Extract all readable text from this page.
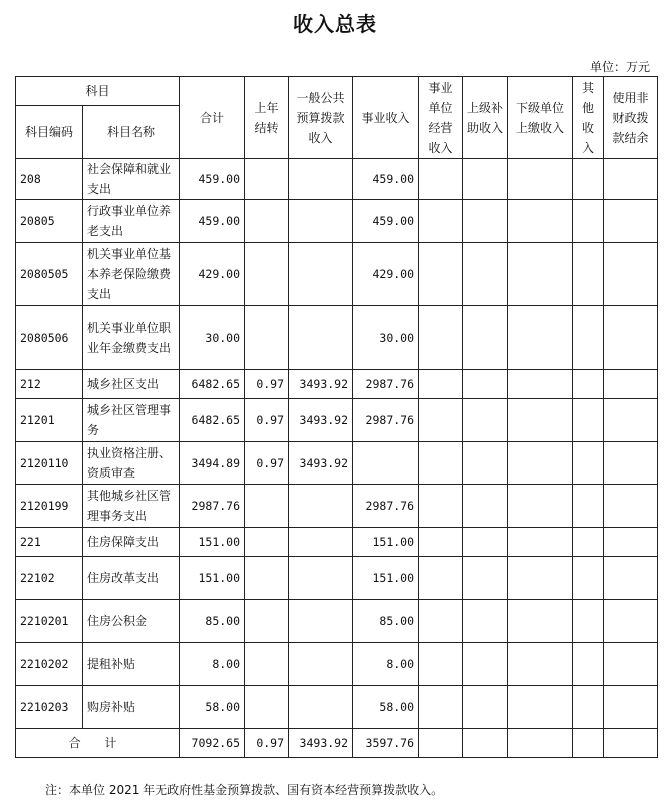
收入总表
单位：万元
科目		合计	上年结转	一般公共预算拨款收入	事业收入	事业单位经营收入	上级补助收入	下级单位上缴收入	其他收入	使用非财政拨款结余
科目编码	科目名称									
208	社会保障和就业支出	459.00			459.00					
20805	行政事业单位养老支出	459.00			459.00					
2080505	机关事业单位基本养老保险缴费支出	429.00			429.00					
2080506	机关事业单位职业年金缴费支出	30.00			30.00					
212	城乡社区支出	6482.65	0.97	3493.92	2987.76					
21201	城乡社区管理事务	6482.65	0.97	3493.92	2987.76					
2120110	执业资格注册、资质审查	3494.89	0.97	3493.92						
2120199	其他城乡社区管理事务支出	2987.76			2987.76					
221	住房保障支出	151.00			151.00					
22102	住房改革支出	151.00			151.00					
2210201	住房公积金	85.00			85.00					
2210202	提租补贴	8.00			8.00					
2210203	购房补贴	58.00			58.00					
合 计		7092.65	0.97	3493.92	3597.76					
注：本单位 2021 年无政府性基金预算拨款、国有资本经营预算拨款收入。
